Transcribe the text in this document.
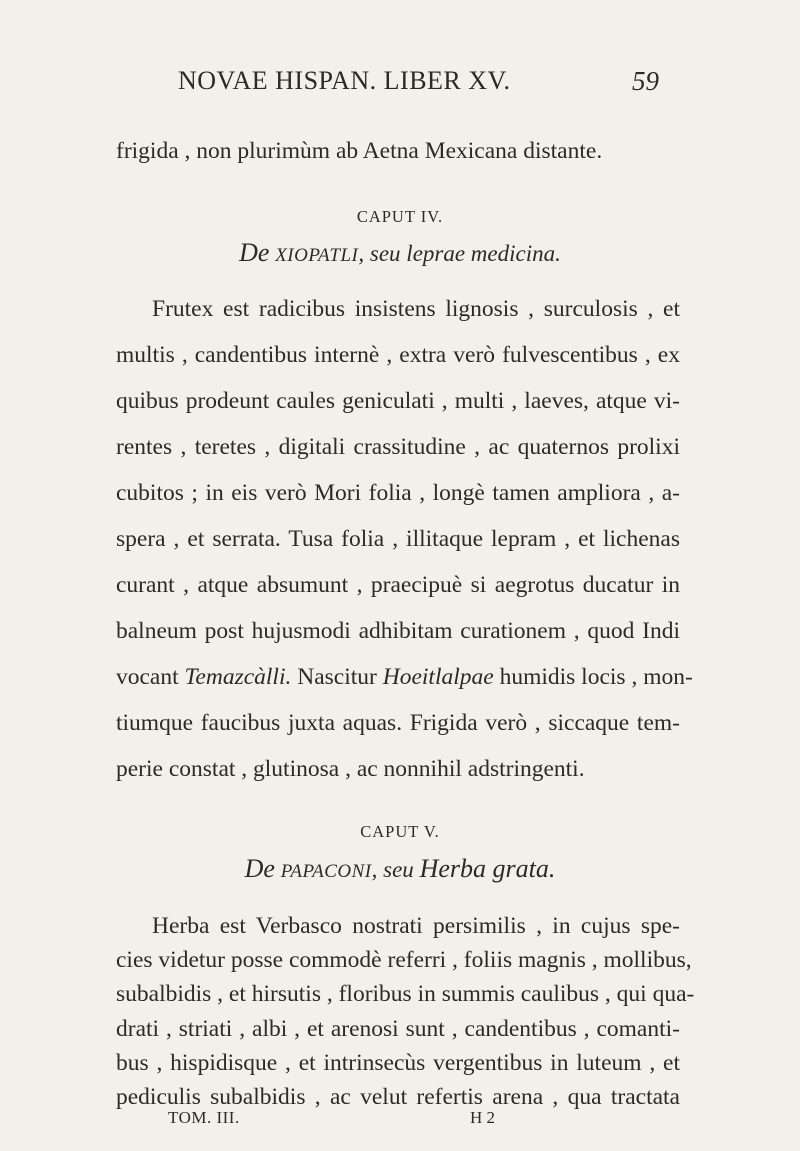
NOVAE HISPAN. LIBER XV.	59
frigida , non plurimùm ab Aetna Mexicana distante.
CAPUT IV.
De XIOPATLI, seu leprae medicina.
Frutex est radicibus insistens lignosis , surculosis , et
multis , candentibus internè , extra verò fulvescentibus , ex
quibus prodeunt caules geniculati , multi , laeves, atque vi-
rentes , teretes , digitali crassitudine , ac quaternos prolixi
cubitos ; in eis verò Mori folia , longè tamen ampliora , a-
spera , et serrata. Tusa folia , illitaque lepram , et lichenas
curant , atque absumunt , praecipuè si aegrotus ducatur in
balneum post hujusmodi adhibitam curationem , quod Indi
vocant Temazcàlli. Nascitur Hoeitlalpae humidis locis , mon-
tiumque faucibus juxta aquas. Frigida verò , siccaque tem-
perie constat , glutinosa , ac nonnihil adstringenti.
CAPUT V.
De PAPACONI, seu Herba grata.
Herba est Verbasco nostrati persimilis , in cujus spe-
cies videtur posse commodè referri , foliis magnis , mollibus,
subalbidis , et hirsutis , floribus in summis caulibus , qui qua-
drati , striati , albi , et arenosi sunt , candentibus , comanti-
bus , hispidisque , et intrinsecùs vergentibus in luteum , et
pediculis subalbidis , ac velut refertis arena , qua tractata
TOM. III.	H 2
